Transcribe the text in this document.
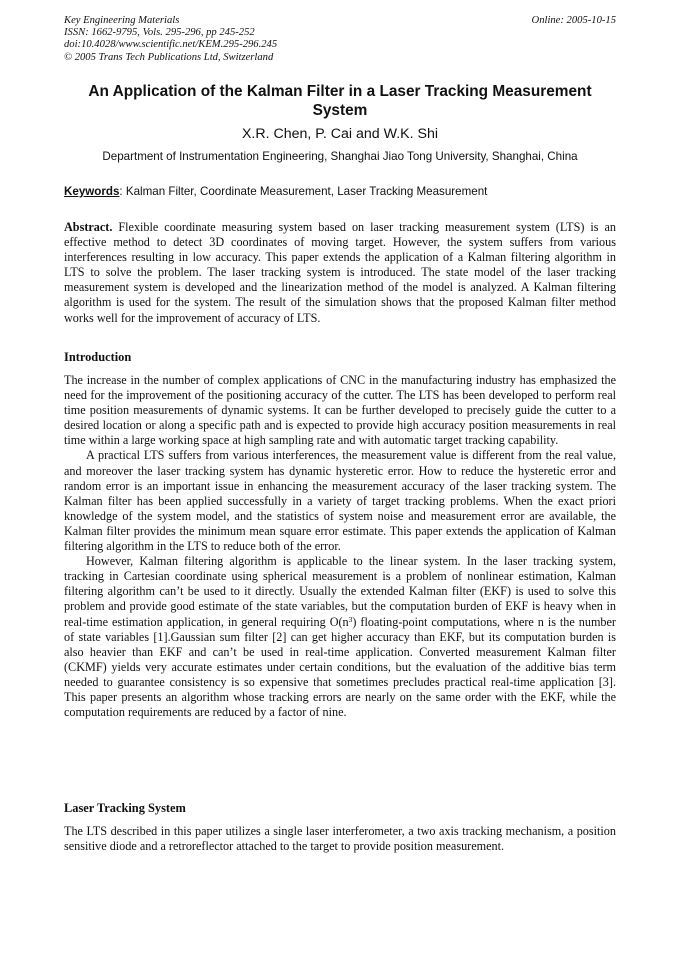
Key Engineering Materials
ISSN: 1662-9795, Vols. 295-296, pp 245-252
doi:10.4028/www.scientific.net/KEM.295-296.245
© 2005 Trans Tech Publications Ltd, Switzerland
Online: 2005-10-15
An Application of the Kalman Filter in a Laser Tracking Measurement System
X.R. Chen, P. Cai and W.K. Shi
Department of Instrumentation Engineering, Shanghai Jiao Tong University, Shanghai, China
Keywords: Kalman Filter, Coordinate Measurement, Laser Tracking Measurement
Abstract. Flexible coordinate measuring system based on laser tracking measurement system (LTS) is an effective method to detect 3D coordinates of moving target. However, the system suffers from various interferences resulting in low accuracy. This paper extends the application of a Kalman filtering algorithm in LTS to solve the problem. The laser tracking system is introduced. The state model of the laser tracking measurement system is developed and the linearization method of the model is analyzed. A Kalman filtering algorithm is used for the system. The result of the simulation shows that the proposed Kalman filter method works well for the improvement of accuracy of LTS.
Introduction

The increase in the number of complex applications of CNC in the manufacturing industry has emphasized the need for the improvement of the positioning accuracy of the cutter. The LTS has been developed to perform real time position measurements of dynamic systems. It can be further developed to precisely guide the cutter to a desired location or along a specific path and is expected to provide high accuracy position measurements in real time within a large working space at high sampling rate and with automatic target tracking capability.

A practical LTS suffers from various interferences, the measurement value is different from the real value, and moreover the laser tracking system has dynamic hysteretic error. How to reduce the hysteretic error and random error is an important issue in enhancing the measurement accuracy of the laser tracking system. The Kalman filter has been applied successfully in a variety of target tracking problems. When the exact priori knowledge of the system model, and the statistics of system noise and measurement error are available, the Kalman filter provides the minimum mean square error estimate. This paper extends the application of Kalman filtering algorithm in the LTS to reduce both of the error.

However, Kalman filtering algorithm is applicable to the linear system. In the laser tracking system, tracking in Cartesian coordinate using spherical measurement is a problem of nonlinear estimation, Kalman filtering algorithm can’t be used to it directly. Usually the extended Kalman filter (EKF) is used to solve this problem and provide good estimate of the state variables, but the computation burden of EKF is heavy when in real-time estimation application, in general requiring $O(n^3)$ floating-point computations, where n is the number of state variables [1].Gaussian sum filter [2] can get higher accuracy than EKF, but its computation burden is also heavier than EKF and can’t be used in real-time application. Converted measurement Kalman filter (CKMF) yields very accurate estimates under certain conditions, but the evaluation of the additive bias term needed to guarantee consistency is so expensive that sometimes precludes practical real-time application [3]. This paper presents an algorithm whose tracking errors are nearly on the same order with the EKF, while the computation requirements are reduced by a factor of nine.

Laser Tracking System

The LTS described in this paper utilizes a single laser interferometer, a two axis tracking mechanism, a position sensitive diode and a retroreflector attached to the target to provide position measurement.
